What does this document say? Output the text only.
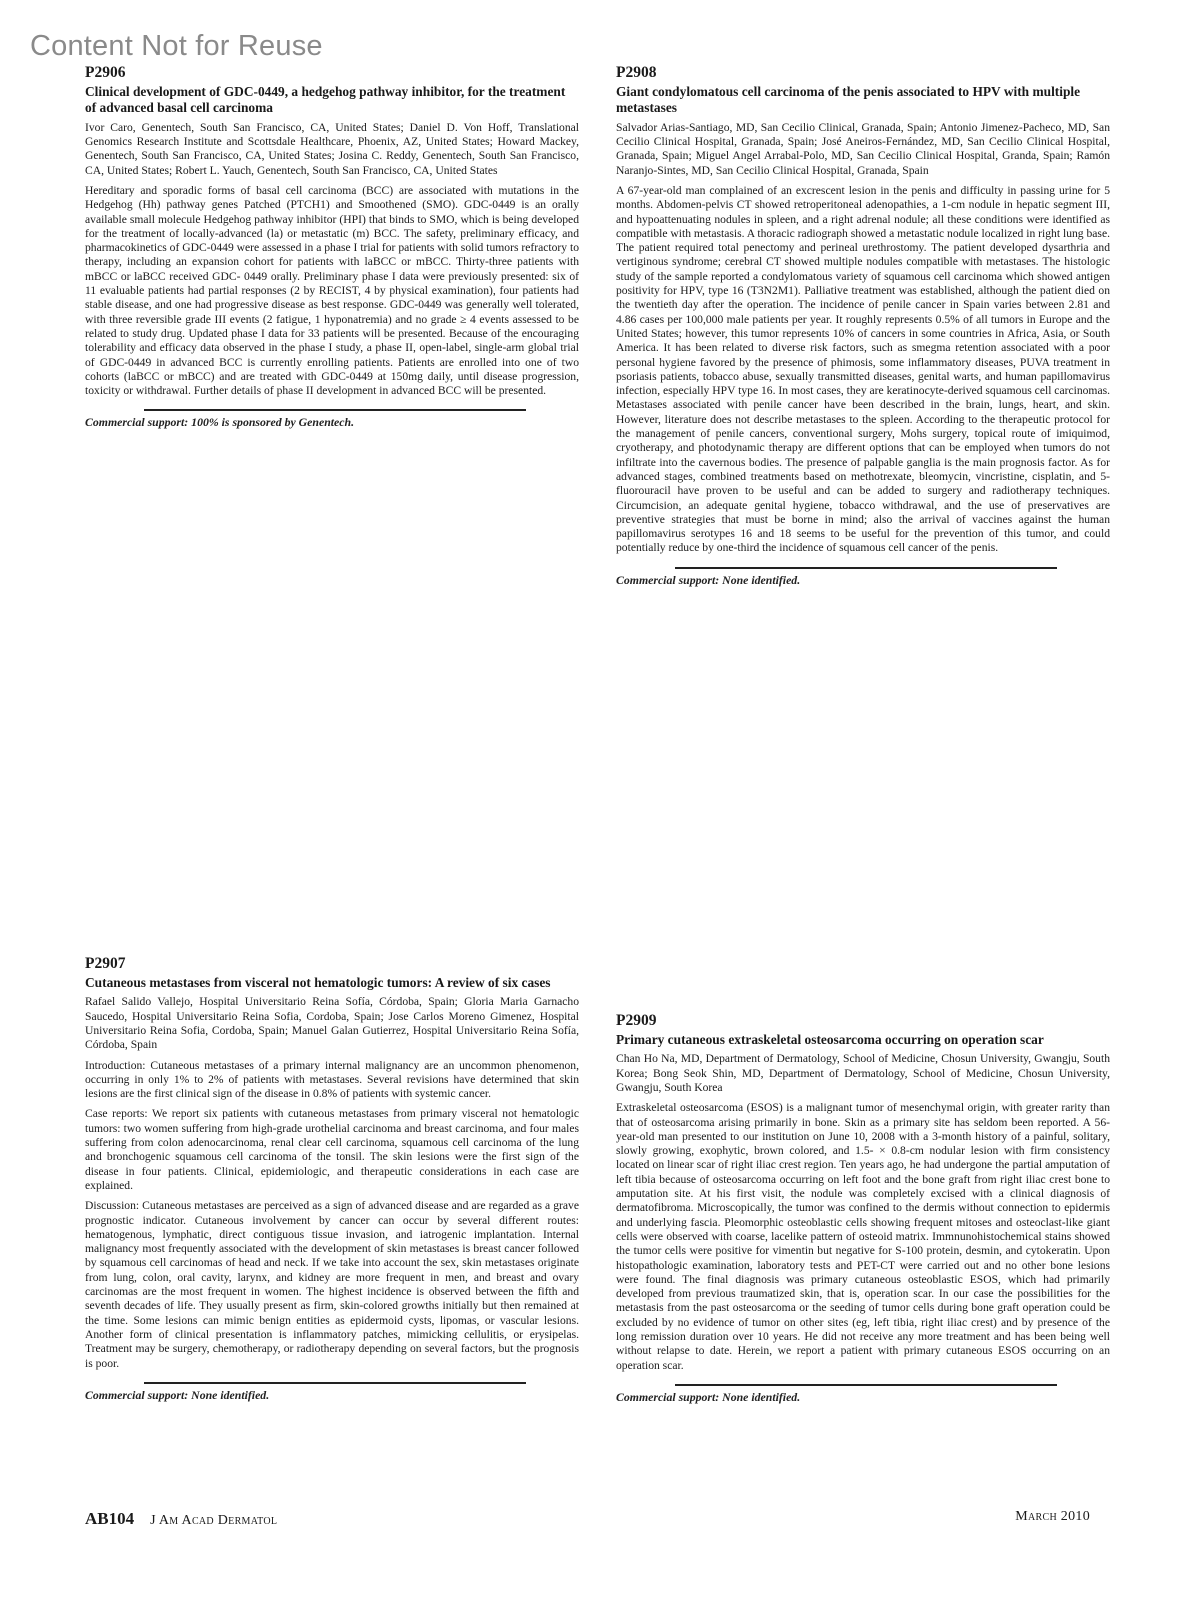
Content Not for Reuse
P2906
Clinical development of GDC-0449, a hedgehog pathway inhibitor, for the treatment of advanced basal cell carcinoma

Ivor Caro, Genentech, South San Francisco, CA, United States; Daniel D. Von Hoff, Translational Genomics Research Institute and Scottsdale Healthcare, Phoenix, AZ, United States; Howard Mackey, Genentech, South San Francisco, CA, United States; Josina C. Reddy, Genentech, South San Francisco, CA, United States; Robert L. Yauch, Genentech, South San Francisco, CA, United States

Hereditary and sporadic forms of basal cell carcinoma (BCC) are associated with mutations in the Hedgehog (Hh) pathway genes Patched (PTCH1) and Smoothened (SMO). GDC-0449 is an orally available small molecule Hedgehog pathway inhibitor (HPI) that binds to SMO, which is being developed for the treatment of locally-advanced (la) or metastatic (m) BCC. The safety, preliminary efficacy, and pharmacokinetics of GDC-0449 were assessed in a phase I trial for patients with solid tumors refractory to therapy, including an expansion cohort for patients with laBCC or mBCC. Thirty-three patients with mBCC or laBCC received GDC- 0449 orally. Preliminary phase I data were previously presented: six of 11 evaluable patients had partial responses (2 by RECIST, 4 by physical examination), four patients had stable disease, and one had progressive disease as best response. GDC-0449 was generally well tolerated, with three reversible grade III events (2 fatigue, 1 hyponatremia) and no grade ≥ 4 events assessed to be related to study drug. Updated phase I data for 33 patients will be presented. Because of the encouraging tolerability and efficacy data observed in the phase I study, a phase II, open-label, single-arm global trial of GDC-0449 in advanced BCC is currently enrolling patients. Patients are enrolled into one of two cohorts (laBCC or mBCC) and are treated with GDC-0449 at 150mg daily, until disease progression, toxicity or withdrawal. Further details of phase II development in advanced BCC will be presented.

Commercial support: 100% is sponsored by Genentech.
P2908
Giant condylomatous cell carcinoma of the penis associated to HPV with multiple metastases

Salvador Arias-Santiago, MD, San Cecilio Clinical, Granada, Spain; Antonio Jimenez-Pacheco, MD, San Cecilio Clinical Hospital, Granada, Spain; José Aneiros-Fernández, MD, San Cecilio Clinical Hospital, Granada, Spain; Miguel Angel Arrabal-Polo, MD, San Cecilio Clinical Hospital, Granda, Spain; Ramón Naranjo-Sintes, MD, San Cecilio Clinical Hospital, Granada, Spain

A 67-year-old man complained of an excrescent lesion in the penis and difficulty in passing urine for 5 months. Abdomen-pelvis CT showed retroperitoneal adenopathies, a 1-cm nodule in hepatic segment III, and hypoattenuating nodules in spleen, and a right adrenal nodule; all these conditions were identified as compatible with metastasis. A thoracic radiograph showed a metastatic nodule localized in right lung base. The patient required total penectomy and perineal urethrostomy. The patient developed dysarthria and vertiginous syndrome; cerebral CT showed multiple nodules compatible with metastases. The histologic study of the sample reported a condylomatous variety of squamous cell carcinoma which showed antigen positivity for HPV, type 16 (T3N2M1). Palliative treatment was established, although the patient died on the twentieth day after the operation. The incidence of penile cancer in Spain varies between 2.81 and 4.86 cases per 100,000 male patients per year. It roughly represents 0.5% of all tumors in Europe and the United States; however, this tumor represents 10% of cancers in some countries in Africa, Asia, or South America. It has been related to diverse risk factors, such as smegma retention associated with a poor personal hygiene favored by the presence of phimosis, some inflammatory diseases, PUVA treatment in psoriasis patients, tobacco abuse, sexually transmitted diseases, genital warts, and human papillomavirus infection, especially HPV type 16. In most cases, they are keratinocyte-derived squamous cell carcinomas. Metastases associated with penile cancer have been described in the brain, lungs, heart, and skin. However, literature does not describe metastases to the spleen. According to the therapeutic protocol for the management of penile cancers, conventional surgery, Mohs surgery, topical route of imiquimod, cryotherapy, and photodynamic therapy are different options that can be employed when tumors do not infiltrate into the cavernous bodies. The presence of palpable ganglia is the main prognosis factor. As for advanced stages, combined treatments based on methotrexate, bleomycin, vincristine, cisplatin, and 5-fluorouracil have proven to be useful and can be added to surgery and radiotherapy techniques. Circumcision, an adequate genital hygiene, tobacco withdrawal, and the use of preservatives are preventive strategies that must be borne in mind; also the arrival of vaccines against the human papillomavirus serotypes 16 and 18 seems to be useful for the prevention of this tumor, and could potentially reduce by one-third the incidence of squamous cell cancer of the penis.

Commercial support: None identified.
P2907
Cutaneous metastases from visceral not hematologic tumors: A review of six cases

Rafael Salido Vallejo, Hospital Universitario Reina Sofía, Córdoba, Spain; Gloria Maria Garnacho Saucedo, Hospital Universitario Reina Sofia, Cordoba, Spain; Jose Carlos Moreno Gimenez, Hospital Universitario Reina Sofia, Cordoba, Spain; Manuel Galan Gutierrez, Hospital Universitario Reina Sofía, Córdoba, Spain

Introduction: Cutaneous metastases of a primary internal malignancy are an uncommon phenomenon, occurring in only 1% to 2% of patients with metastases. Several revisions have determined that skin lesions are the first clinical sign of the disease in 0.8% of patients with systemic cancer.

Case reports: We report six patients with cutaneous metastases from primary visceral not hematologic tumors: two women suffering from high-grade urothelial carcinoma and breast carcinoma, and four males suffering from colon adenocarcinoma, renal clear cell carcinoma, squamous cell carcinoma of the lung and bronchogenic squamous cell carcinoma of the tonsil. The skin lesions were the first sign of the disease in four patients. Clinical, epidemiologic, and therapeutic considerations in each case are explained.

Discussion: Cutaneous metastases are perceived as a sign of advanced disease and are regarded as a grave prognostic indicator. Cutaneous involvement by cancer can occur by several different routes: hematogenous, lymphatic, direct contiguous tissue invasion, and iatrogenic implantation. Internal malignancy most frequently associated with the development of skin metastases is breast cancer followed by squamous cell carcinomas of head and neck. If we take into account the sex, skin metastases originate from lung, colon, oral cavity, larynx, and kidney are more frequent in men, and breast and ovary carcinomas are the most frequent in women. The highest incidence is observed between the fifth and seventh decades of life. They usually present as firm, skin-colored growths initially but then remained at the time. Some lesions can mimic benign entities as epidermoid cysts, lipomas, or vascular lesions. Another form of clinical presentation is inflammatory patches, mimicking cellulitis, or erysipelas. Treatment may be surgery, chemotherapy, or radiotherapy depending on several factors, but the prognosis is poor.

Commercial support: None identified.
P2909
Primary cutaneous extraskeletal osteosarcoma occurring on operation scar

Chan Ho Na, MD, Department of Dermatology, School of Medicine, Chosun University, Gwangju, South Korea; Bong Seok Shin, MD, Department of Dermatology, School of Medicine, Chosun University, Gwangju, South Korea

Extraskeletal osteosarcoma (ESOS) is a malignant tumor of mesenchymal origin, with greater rarity than that of osteosarcoma arising primarily in bone. Skin as a primary site has seldom been reported. A 56-year-old man presented to our institution on June 10, 2008 with a 3-month history of a painful, solitary, slowly growing, exophytic, brown colored, and 1.5- × 0.8-cm nodular lesion with firm consistency located on linear scar of right iliac crest region. Ten years ago, he had undergone the partial amputation of left tibia because of osteosarcoma occurring on left foot and the bone graft from right iliac crest bone to amputation site. At his first visit, the nodule was completely excised with a clinical diagnosis of dermatofibroma. Microscopically, the tumor was confined to the dermis without connection to epidermis and underlying fascia. Pleomorphic osteoblastic cells showing frequent mitoses and osteoclast-like giant cells were observed with coarse, lacelike pattern of osteoid matrix. Immnunohistochemical stains showed the tumor cells were positive for vimentin but negative for S-100 protein, desmin, and cytokeratin. Upon histopathologic examination, laboratory tests and PET-CT were carried out and no other bone lesions were found. The final diagnosis was primary cutaneous osteoblastic ESOS, which had primarily developed from previous traumatized skin, that is, operation scar. In our case the possibilities for the metastasis from the past osteosarcoma or the seeding of tumor cells during bone graft operation could be excluded by no evidence of tumor on other sites (eg, left tibia, right iliac crest) and by presence of the long remission duration over 10 years. He did not receive any more treatment and has been being well without relapse to date. Herein, we report a patient with primary cutaneous ESOS occurring on an operation scar.

Commercial support: None identified.
AB104 J Am Acad Dermatol	March 2010
